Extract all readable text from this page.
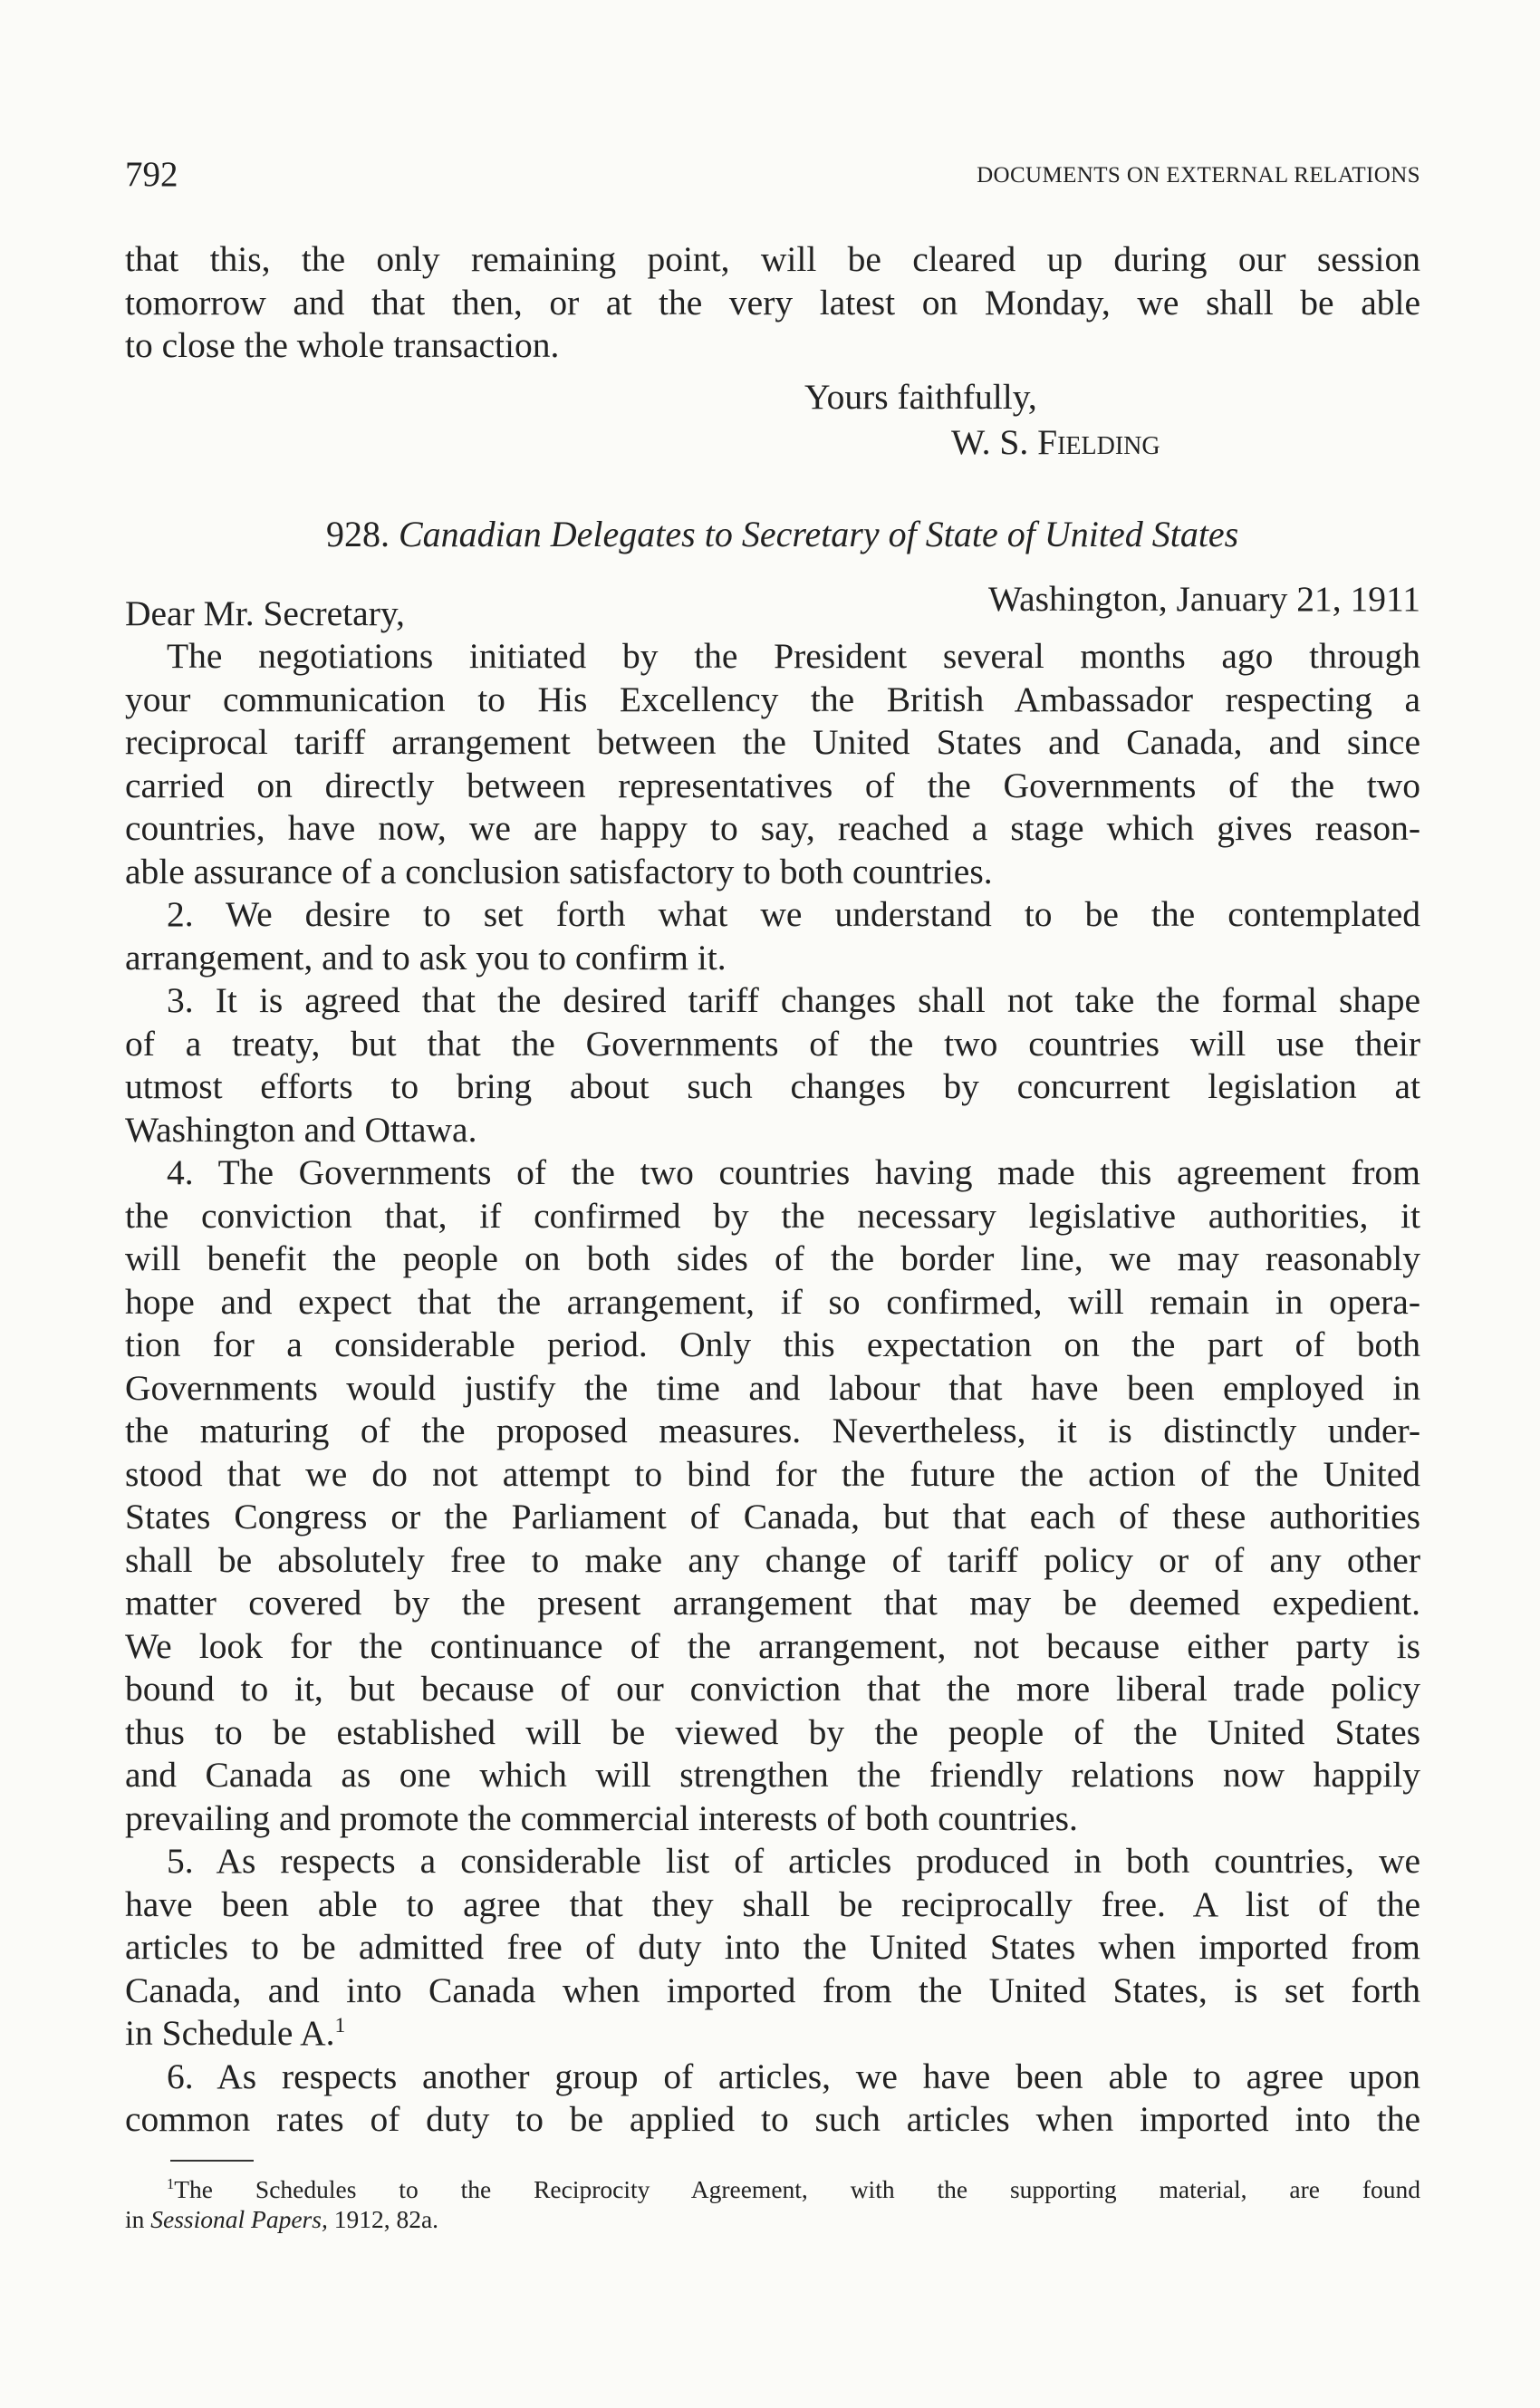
792	DOCUMENTS ON EXTERNAL RELATIONS

that this, the only remaining point, will be cleared up during our session

tomorrow and that then, or at the very latest on Monday, we shall be able

to close the whole transaction.

Yours faithfully,
W. S. Fielding
928. Canadian Delegates to Secretary of State of United States
Dear Mr. Secretary,	Washington, January 21, 1911

The negotiations initiated by the President several months ago through

your communication to His Excellency the British Ambassador respecting a

reciprocal tariff arrangement between the United States and Canada, and since

carried on directly between representatives of the Governments of the two

countries, have now, we are happy to say, reached a stage which gives reason-

able assurance of a conclusion satisfactory to both countries.

2. We desire to set forth what we understand to be the contemplated

arrangement, and to ask you to confirm it.

3. It is agreed that the desired tariff changes shall not take the formal shape

of a treaty, but that the Governments of the two countries will use their

utmost efforts to bring about such changes by concurrent legislation at

Washington and Ottawa.

4. The Governments of the two countries having made this agreement from

the conviction that, if confirmed by the necessary legislative authorities, it

will benefit the people on both sides of the border line, we may reasonably

hope and expect that the arrangement, if so confirmed, will remain in opera-

tion for a considerable period. Only this expectation on the part of both

Governments would justify the time and labour that have been employed in

the maturing of the proposed measures. Nevertheless, it is distinctly under-

stood that we do not attempt to bind for the future the action of the United

States Congress or the Parliament of Canada, but that each of these authorities

shall be absolutely free to make any change of tariff policy or of any other

matter covered by the present arrangement that may be deemed expedient.

We look for the continuance of the arrangement, not because either party is

bound to it, but because of our conviction that the more liberal trade policy

thus to be established will be viewed by the people of the United States

and Canada as one which will strengthen the friendly relations now happily

prevailing and promote the commercial interests of both countries.

5. As respects a considerable list of articles produced in both countries, we

have been able to agree that they shall be reciprocally free. A list of the

articles to be admitted free of duty into the United States when imported from

Canada, and into Canada when imported from the United States, is set forth

in Schedule A.$^1$

6. As respects another group of articles, we have been able to agree upon

common rates of duty to be applied to such articles when imported into the

$^1$The Schedules to the Reciprocity Agreement, with the supporting material, are found

in Sessional Papers, 1912, 82a.
